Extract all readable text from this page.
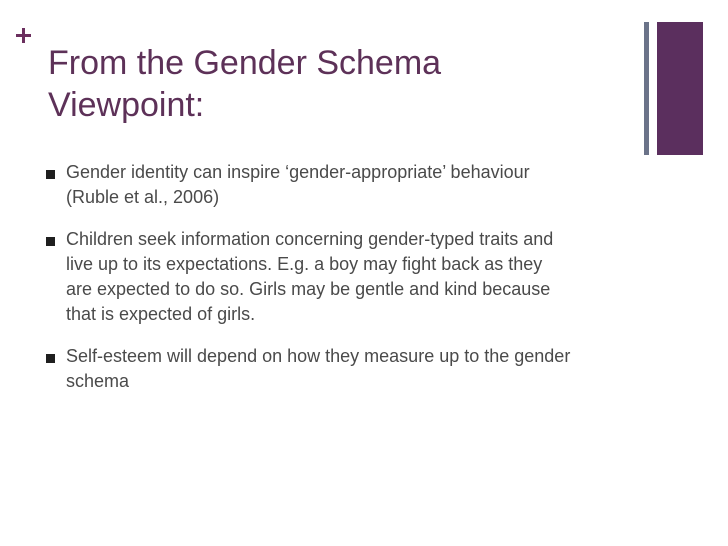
From the Gender Schema
Viewpoint:
Gender identity can inspire ‘gender-appropriate’ behaviour
(Ruble et al., 2006)
Children seek information concerning gender-typed traits and
live up to its expectations. E.g. a boy may fight back as they
are expected to do so. Girls may be gentle and kind because
that is expected of girls.
Self-esteem will depend on how they measure up to the gender
schema
